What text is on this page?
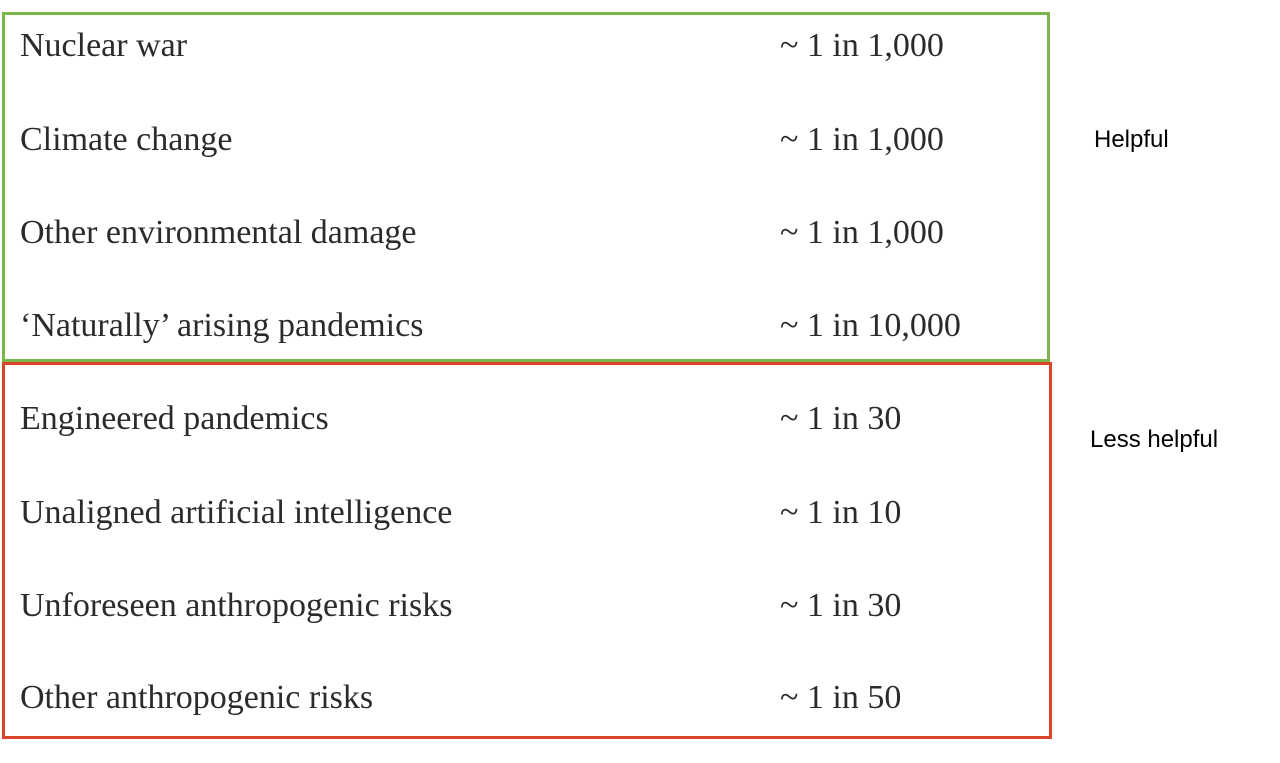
Nuclear war	~ 1 in 1,000
Climate change	~ 1 in 1,000
Other environmental damage	~ 1 in 1,000
‘Naturally’ arising pandemics	~ 1 in 10,000
Engineered pandemics	~ 1 in 30
Unaligned artificial intelligence	~ 1 in 10
Unforeseen anthropogenic risks	~ 1 in 30
Other anthropogenic risks	~ 1 in 50
Helpful
Less helpful
